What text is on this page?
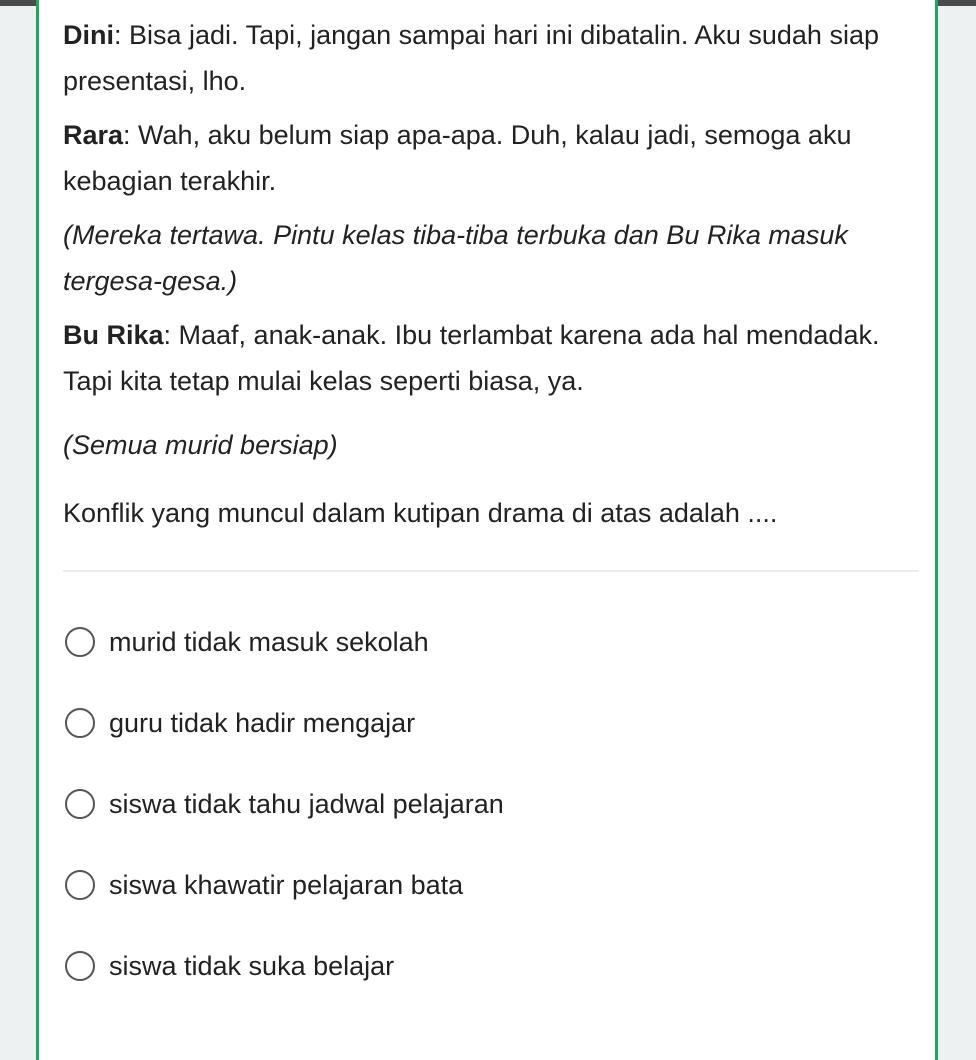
Dini: Bisa jadi. Tapi, jangan sampai hari ini dibatalin. Aku sudah siap presentasi, lho.

Rara: Wah, aku belum siap apa-apa. Duh, kalau jadi, semoga aku kebagian terakhir.

(Mereka tertawa. Pintu kelas tiba-tiba terbuka dan Bu Rika masuk tergesa-gesa.)

Bu Rika: Maaf, anak-anak. Ibu terlambat karena ada hal mendadak. Tapi kita tetap mulai kelas seperti biasa, ya.

(Semua murid bersiap)

Konflik yang muncul dalam kutipan drama di atas adalah ....

murid tidak masuk sekolah
guru tidak hadir mengajar
siswa tidak tahu jadwal pelajaran
siswa khawatir pelajaran bata
siswa tidak suka belajar
